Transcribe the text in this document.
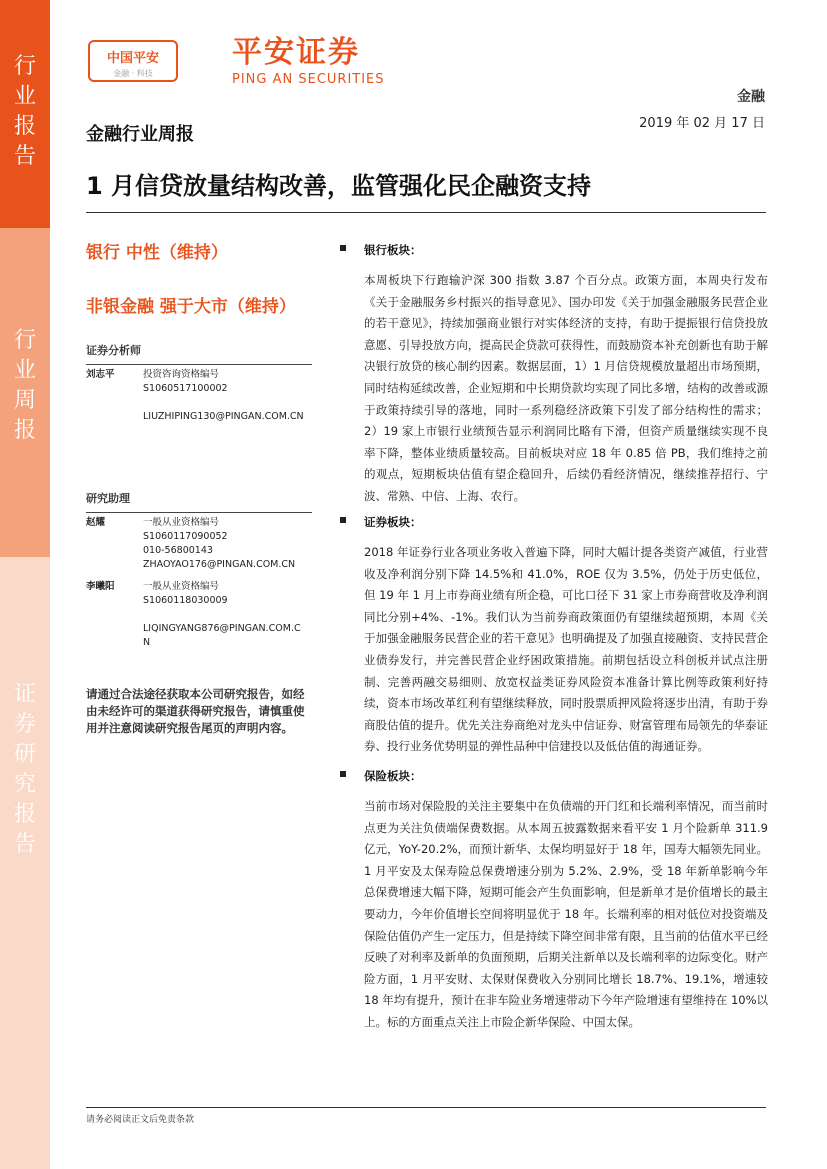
行
业
报
告
行
业
周
报
证
券
研
究
报
告
中国平安
金融 · 科技
平安证券
PING AN SECURITIES
金融
2019 年 02 月 17 日
金融行业周报
1 月信贷放量结构改善，监管强化民企融资支持
银行 中性（维持）
非银金融 强于大市（维持）
证券分析师
刘志平	投资咨询资格编号
S1060517100002
LIUZHIPING130@PINGAN.COM.CN
研究助理
赵耀	一般从业资格编号
S1060117090052
010-56800143
ZHAOYAO176@PINGAN.COM.CN
李曦阳	一般从业资格编号
S1060118030009
LIQINGYANG876@PINGAN.COM.C
N
请通过合法途径获取本公司研究报告，如经由未经许可的渠道获得研究报告，请慎重使用并注意阅读研究报告尾页的声明内容。
银行板块：
本周板块下行跑输沪深 300 指数 3.87 个百分点。政策方面，本周央行发布《关于金融服务乡村振兴的指导意见》、国办印发《关于加强金融服务民营企业的若干意见》，持续加强商业银行对实体经济的支持，有助于提振银行信贷投放意愿、引导投放方向，提高民企贷款可获得性，而鼓励资本补充创新也有助于解决银行放贷的核心制约因素。数据层面，1）1 月信贷规模放量超出市场预期，同时结构延续改善，企业短期和中长期贷款均实现了同比多增，结构的改善或源于政策持续引导的落地，同时一系列稳经济政策下引发了部分结构性的需求；2）19 家上市银行业绩预告显示利润同比略有下滑，但资产质量继续实现不良率下降，整体业绩质量较高。目前板块对应 18 年 0.85 倍 PB，我们维持之前的观点，短期板块估值有望企稳回升，后续仍看经济情况，继续推荐招行、宁波、常熟、中信、上海、农行。
证券板块：
2018 年证券行业各项业务收入普遍下降，同时大幅计提各类资产减值，行业营收及净利润分别下降 14.5%和 41.0%，ROE 仅为 3.5%，仍处于历史低位，但 19 年 1 月上市券商业绩有所企稳，可比口径下 31 家上市券商营收及净利润同比分别+4%、-1%。我们认为当前券商政策面仍有望继续超预期，本周《关于加强金融服务民营企业的若干意见》也明确提及了加强直接融资、支持民营企业债券发行，并完善民营企业纾困政策措施。前期包括设立科创板并试点注册制、完善两融交易细则、放宽权益类证券风险资本准备计算比例等政策利好持续，资本市场改革红利有望继续释放，同时股票质押风险将逐步出清，有助于券商股估值的提升。优先关注券商绝对龙头中信证券、财富管理布局领先的华泰证券、投行业务优势明显的弹性品种中信建投以及低估值的海通证券。
保险板块：
当前市场对保险股的关注主要集中在负债端的开门红和长端利率情况，而当前时点更为关注负债端保费数据。从本周五披露数据来看平安 1 月个险新单 311.9 亿元，YoY-20.2%，而预计新华、太保均明显好于 18 年，国寿大幅领先同业。1 月平安及太保寿险总保费增速分别为 5.2%、2.9%，受 18 年新单影响今年总保费增速大幅下降，短期可能会产生负面影响，但是新单才是价值增长的最主要动力，今年价值增长空间将明显优于 18 年。长端利率的相对低位对投资端及保险估值仍产生一定压力，但是持续下降空间非常有限，且当前的估值水平已经反映了对利率及新单的负面预期，后期关注新单以及长端利率的边际变化。财产险方面，1 月平安财、太保财保费收入分别同比增长 18.7%、19.1%，增速较 18 年均有提升，预计在非车险业务增速带动下今年产险增速有望维持在 10%以上。标的方面重点关注上市险企新华保险、中国太保。
请务必阅读正文后免责条款
